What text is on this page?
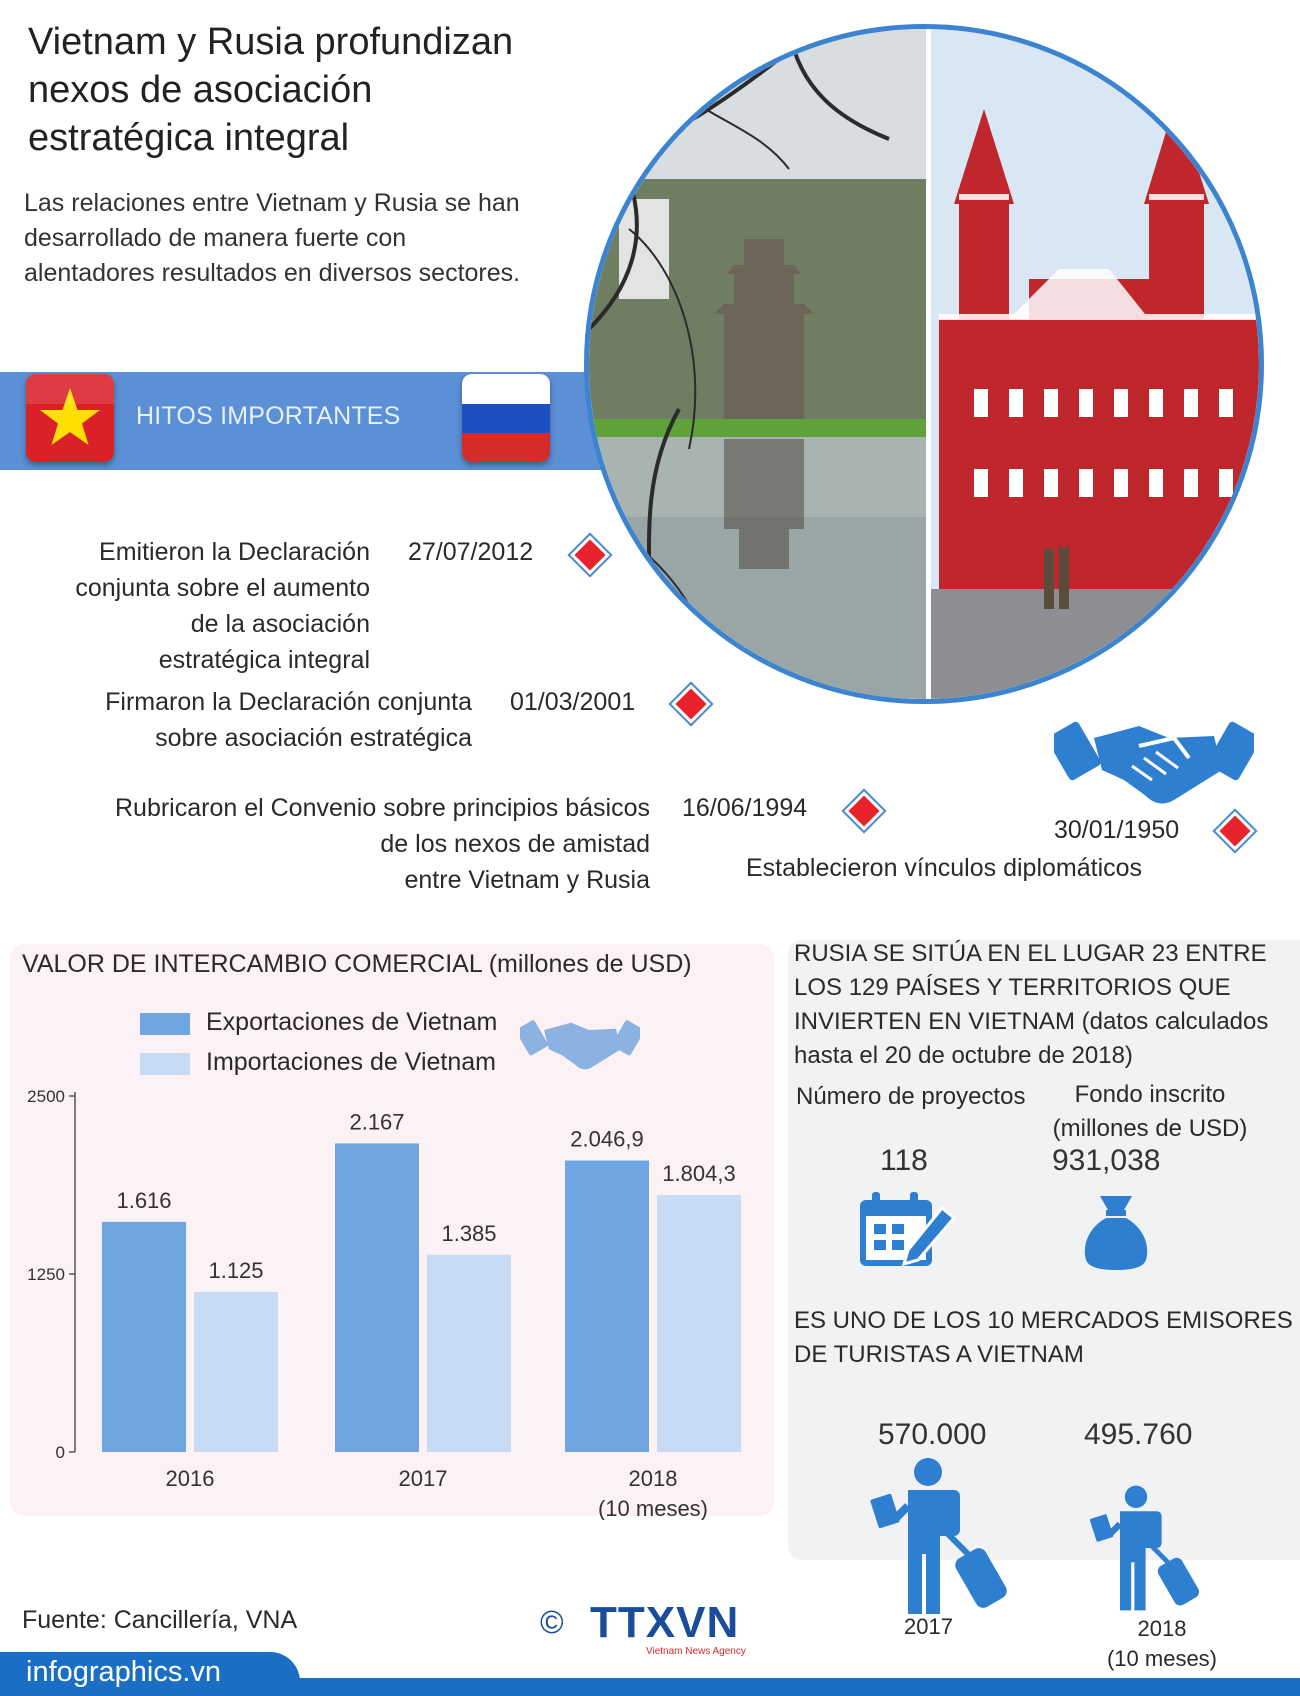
Vietnam y Rusia profundizan
nexos de asociación
estratégica integral
Las relaciones entre Vietnam y Rusia se han
desarrollado de manera fuerte con
alentadores resultados en diversos sectores.
HITOS IMPORTANTES
Emitieron la Declaración
conjunta sobre el aumento
de la asociación
estratégica integral
27/07/2012
Firmaron la Declaración conjunta
sobre asociación estratégica
01/03/2001
Rubricaron el Convenio sobre principios básicos
de los nexos de amistad
entre Vietnam y Rusia
16/06/1994
30/01/1950
Establecieron vínculos diplomáticos
VALOR DE INTERCAMBIO COMERCIAL (millones de USD)
Exportaciones de Vietnam
Importaciones de Vietnam
0
1250
2500
1.616
1.125
2016
2.167
1.385
2017
2.046,9
1.804,3
2018
(10 meses)
RUSIA SE SITÚA EN EL LUGAR 23 ENTRE
LOS 129 PAÍSES Y TERRITORIOS QUE
INVIERTEN EN VIETNAM (datos calculados
hasta el 20 de octubre de 2018)
Número de proyectos	Fondo inscrito
(millones de USD)
118	931,038
ES UNO DE LOS 10 MERCADOS EMISORES
DE TURISTAS A VIETNAM
570.000	495.760
2017	2018
(10 meses)
Fuente: Cancillería, VNA	© TTXVN
Vietnam News Agency
infographics.vn
